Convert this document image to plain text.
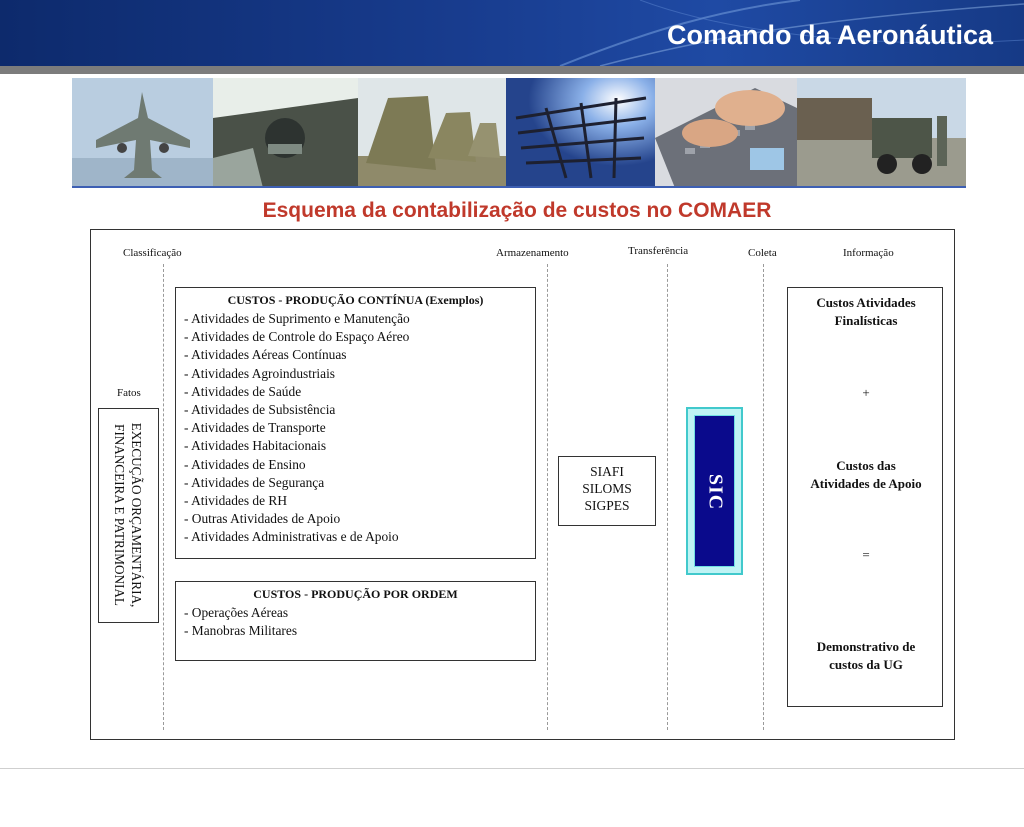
Comando da Aeronáutica
Esquema da contabilização de custos no COMAER
Classificação	Armazenamento	Transferência	Coleta	Informação
Fatos
EXECUÇÃO ORÇAMENTÁRIA,
FINANCEIRA E PATRIMONIAL
CUSTOS - PRODUÇÃO CONTÍNUA (Exemplos)
- Atividades de Suprimento e Manutenção
- Atividades de Controle do Espaço Aéreo
- Atividades Aéreas Contínuas
- Atividades Agroindustriais
- Atividades de Saúde
- Atividades de Subsistência
- Atividades de Transporte
- Atividades Habitacionais
- Atividades de Ensino
- Atividades de Segurança
- Atividades de RH
- Outras Atividades de Apoio
- Atividades Administrativas e de Apoio
CUSTOS - PRODUÇÃO POR ORDEM
- Operações Aéreas
- Manobras Militares
SIAFI
SILOMS
SIGPES	SIC
Custos Atividades
Finalísticas
+
Custos das
Atividades de Apoio
=
Demonstrativo de
custos da UG
